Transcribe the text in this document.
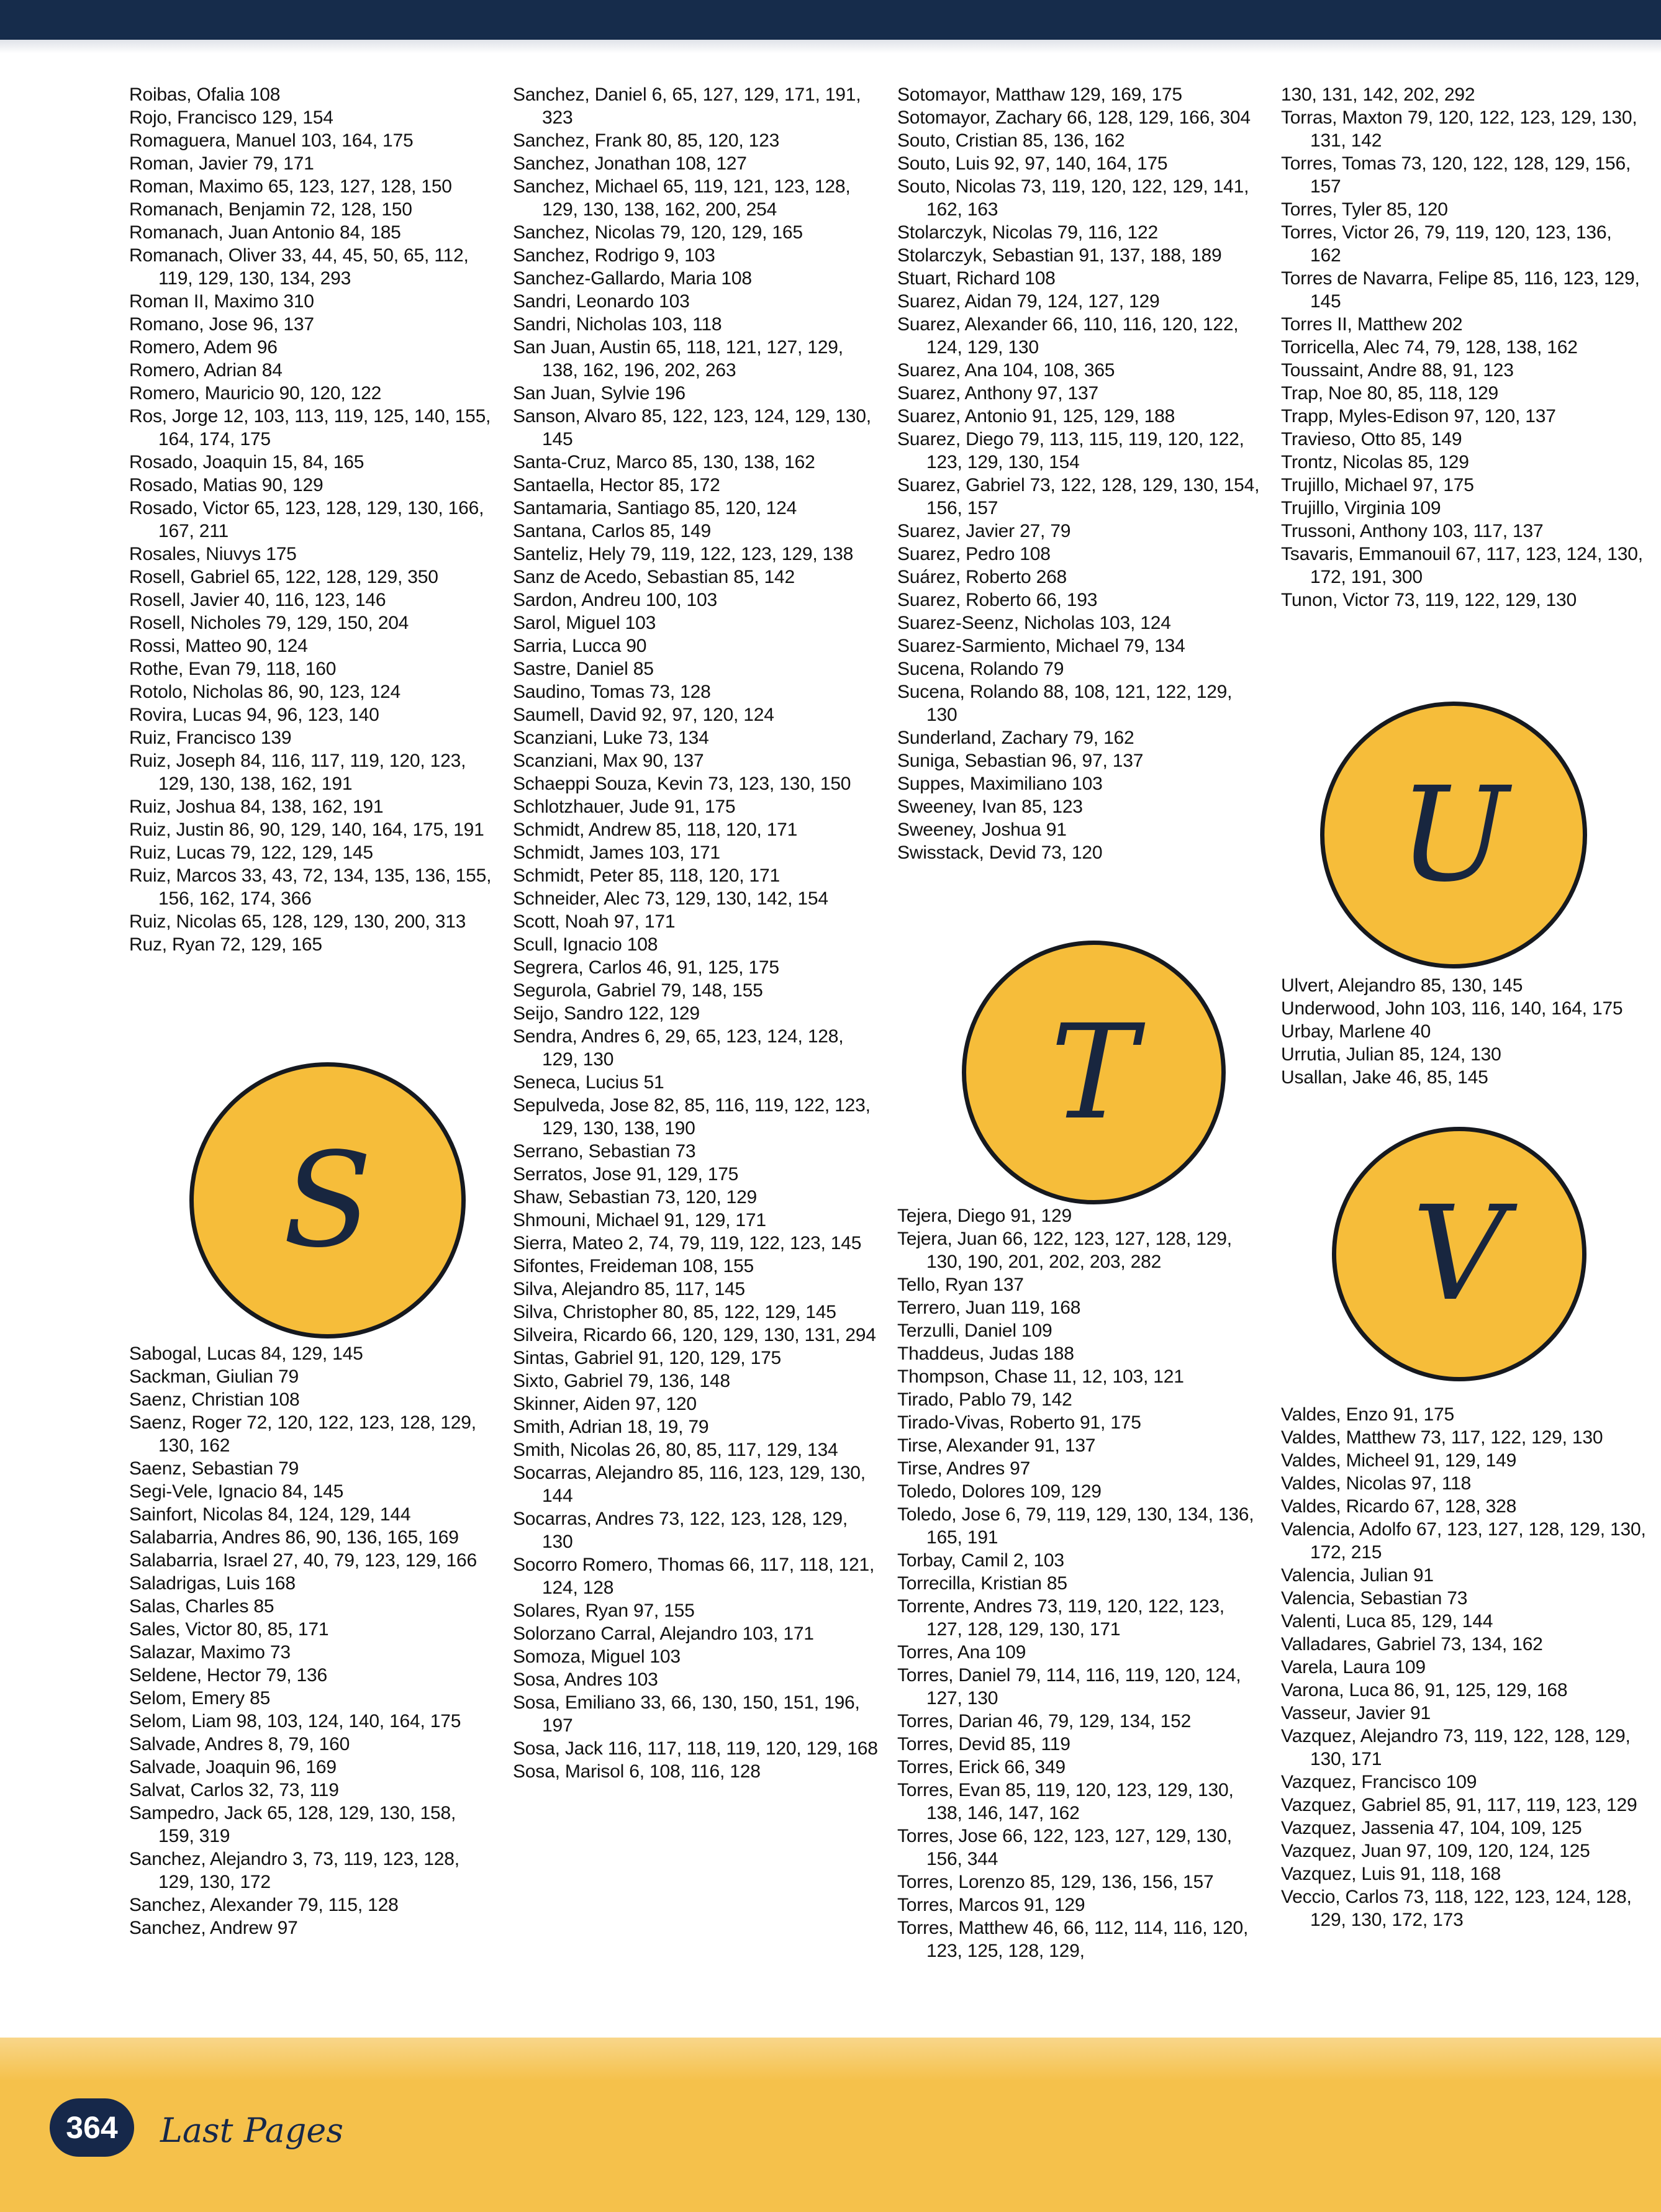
Roibas, Ofalia 108
Rojo, Francisco 129, 154
Romaguera, Manuel 103, 164, 175
Roman, Javier 79, 171
Roman, Maximo 65, 123, 127, 128, 150
Romanach, Benjamin 72, 128, 150
Romanach, Juan Antonio 84, 185
Romanach, Oliver 33, 44, 45, 50, 65, 112, 119, 129, 130, 134, 293
Roman II, Maximo 310
Romano, Jose 96, 137
Romero, Adem 96
Romero, Adrian 84
Romero, Mauricio 90, 120, 122
Ros, Jorge 12, 103, 113, 119, 125, 140, 155, 164, 174, 175
Rosado, Joaquin 15, 84, 165
Rosado, Matias 90, 129
Rosado, Victor 65, 123, 128, 129, 130, 166, 167, 211
Rosales, Niuvys 175
Rosell, Gabriel 65, 122, 128, 129, 350
Rosell, Javier 40, 116, 123, 146
Rosell, Nicholes 79, 129, 150, 204
Rossi, Matteo 90, 124
Rothe, Evan 79, 118, 160
Rotolo, Nicholas 86, 90, 123, 124
Rovira, Lucas 94, 96, 123, 140
Ruiz, Francisco 139
Ruiz, Joseph 84, 116, 117, 119, 120, 123, 129, 130, 138, 162, 191
Ruiz, Joshua 84, 138, 162, 191
Ruiz, Justin 86, 90, 129, 140, 164, 175, 191
Ruiz, Lucas 79, 122, 129, 145
Ruiz, Marcos 33, 43, 72, 134, 135, 136, 155, 156, 162, 174, 366
Ruiz, Nicolas 65, 128, 129, 130, 200, 313
Ruz, Ryan 72, 129, 165
S
Sabogal, Lucas 84, 129, 145
Sackman, Giulian 79
Saenz, Christian 108
Saenz, Roger 72, 120, 122, 123, 128, 129, 130, 162
Saenz, Sebastian 79
Segi-Vele, Ignacio 84, 145
Sainfort, Nicolas 84, 124, 129, 144
Salabarria, Andres 86, 90, 136, 165, 169
Salabarria, Israel 27, 40, 79, 123, 129, 166
Saladrigas, Luis 168
Salas, Charles 85
Sales, Victor 80, 85, 171
Salazar, Maximo 73
Seldene, Hector 79, 136
Selom, Emery 85
Selom, Liam 98, 103, 124, 140, 164, 175
Salvade, Andres 8, 79, 160
Salvade, Joaquin 96, 169
Salvat, Carlos 32, 73, 119
Sampedro, Jack 65, 128, 129, 130, 158, 159, 319
Sanchez, Alejandro 3, 73, 119, 123, 128, 129, 130, 172
Sanchez, Alexander 79, 115, 128
Sanchez, Andrew 97
Sanchez, Daniel 6, 65, 127, 129, 171, 191, 323
Sanchez, Frank 80, 85, 120, 123
Sanchez, Jonathan 108, 127
Sanchez, Michael 65, 119, 121, 123, 128, 129, 130, 138, 162, 200, 254
Sanchez, Nicolas 79, 120, 129, 165
Sanchez, Rodrigo 9, 103
Sanchez-Gallardo, Maria 108
Sandri, Leonardo 103
Sandri, Nicholas 103, 118
San Juan, Austin 65, 118, 121, 127, 129, 138, 162, 196, 202, 263
San Juan, Sylvie 196
Sanson, Alvaro 85, 122, 123, 124, 129, 130, 145
Santa-Cruz, Marco 85, 130, 138, 162
Santaella, Hector 85, 172
Santamaria, Santiago 85, 120, 124
Santana, Carlos 85, 149
Santeliz, Hely 79, 119, 122, 123, 129, 138
Sanz de Acedo, Sebastian 85, 142
Sardon, Andreu 100, 103
Sarol, Miguel 103
Sarria, Lucca 90
Sastre, Daniel 85
Saudino, Tomas 73, 128
Saumell, David 92, 97, 120, 124
Scanziani, Luke 73, 134
Scanziani, Max 90, 137
Schaeppi Souza, Kevin 73, 123, 130, 150
Schlotzhauer, Jude 91, 175
Schmidt, Andrew 85, 118, 120, 171
Schmidt, James 103, 171
Schmidt, Peter 85, 118, 120, 171
Schneider, Alec 73, 129, 130, 142, 154
Scott, Noah 97, 171
Scull, Ignacio 108
Segrera, Carlos 46, 91, 125, 175
Segurola, Gabriel 79, 148, 155
Seijo, Sandro 122, 129
Sendra, Andres 6, 29, 65, 123, 124, 128, 129, 130
Seneca, Lucius 51
Sepulveda, Jose 82, 85, 116, 119, 122, 123, 129, 130, 138, 190
Serrano, Sebastian 73
Serratos, Jose 91, 129, 175
Shaw, Sebastian 73, 120, 129
Shmouni, Michael 91, 129, 171
Sierra, Mateo 2, 74, 79, 119, 122, 123, 145
Sifontes, Freideman 108, 155
Silva, Alejandro 85, 117, 145
Silva, Christopher 80, 85, 122, 129, 145
Silveira, Ricardo 66, 120, 129, 130, 131, 294
Sintas, Gabriel 91, 120, 129, 175
Sixto, Gabriel 79, 136, 148
Skinner, Aiden 97, 120
Smith, Adrian 18, 19, 79
Smith, Nicolas 26, 80, 85, 117, 129, 134
Socarras, Alejandro 85, 116, 123, 129, 130, 144
Socarras, Andres 73, 122, 123, 128, 129, 130
Socorro Romero, Thomas 66, 117, 118, 121, 124, 128
Solares, Ryan 97, 155
Solorzano Carral, Alejandro 103, 171
Somoza, Miguel 103
Sosa, Andres 103
Sosa, Emiliano 33, 66, 130, 150, 151, 196, 197
Sosa, Jack 116, 117, 118, 119, 120, 129, 168
Sosa, Marisol 6, 108, 116, 128
Sotomayor, Matthaw 129, 169, 175
Sotomayor, Zachary 66, 128, 129, 166, 304
Souto, Cristian 85, 136, 162
Souto, Luis 92, 97, 140, 164, 175
Souto, Nicolas 73, 119, 120, 122, 129, 141, 162, 163
Stolarczyk, Nicolas 79, 116, 122
Stolarczyk, Sebastian 91, 137, 188, 189
Stuart, Richard 108
Suarez, Aidan 79, 124, 127, 129
Suarez, Alexander 66, 110, 116, 120, 122, 124, 129, 130
Suarez, Ana 104, 108, 365
Suarez, Anthony 97, 137
Suarez, Antonio 91, 125, 129, 188
Suarez, Diego 79, 113, 115, 119, 120, 122, 123, 129, 130, 154
Suarez, Gabriel 73, 122, 128, 129, 130, 154, 156, 157
Suarez, Javier 27, 79
Suarez, Pedro 108
Suárez, Roberto 268
Suarez, Roberto 66, 193
Suarez-Seenz, Nicholas 103, 124
Suarez-Sarmiento, Michael 79, 134
Sucena, Rolando 79
Sucena, Rolando 88, 108, 121, 122, 129, 130
Sunderland, Zachary 79, 162
Suniga, Sebastian 96, 97, 137
Suppes, Maximiliano 103
Sweeney, Ivan 85, 123
Sweeney, Joshua 91
Swisstack, Devid 73, 120
T
Tejera, Diego 91, 129
Tejera, Juan 66, 122, 123, 127, 128, 129, 130, 190, 201, 202, 203, 282
Tello, Ryan 137
Terrero, Juan 119, 168
Terzulli, Daniel 109
Thaddeus, Judas 188
Thompson, Chase 11, 12, 103, 121
Tirado, Pablo 79, 142
Tirado-Vivas, Roberto 91, 175
Tirse, Alexander 91, 137
Tirse, Andres 97
Toledo, Dolores 109, 129
Toledo, Jose 6, 79, 119, 129, 130, 134, 136, 165, 191
Torbay, Camil 2, 103
Torrecilla, Kristian 85
Torrente, Andres 73, 119, 120, 122, 123, 127, 128, 129, 130, 171
Torres, Ana 109
Torres, Daniel 79, 114, 116, 119, 120, 124, 127, 130
Torres, Darian 46, 79, 129, 134, 152
Torres, Devid 85, 119
Torres, Erick 66, 349
Torres, Evan 85, 119, 120, 123, 129, 130, 138, 146, 147, 162
Torres, Jose 66, 122, 123, 127, 129, 130, 156, 344
Torres, Lorenzo 85, 129, 136, 156, 157
Torres, Marcos 91, 129
Torres, Matthew 46, 66, 112, 114, 116, 120, 123, 125, 128, 129,
130, 131, 142, 202, 292
Torras, Maxton 79, 120, 122, 123, 129, 130, 131, 142
Torres, Tomas 73, 120, 122, 128, 129, 156, 157
Torres, Tyler 85, 120
Torres, Victor 26, 79, 119, 120, 123, 136, 162
Torres de Navarra, Felipe 85, 116, 123, 129, 145
Torres II, Matthew 202
Torricella, Alec 74, 79, 128, 138, 162
Toussaint, Andre 88, 91, 123
Trap, Noe 80, 85, 118, 129
Trapp, Myles-Edison 97, 120, 137
Travieso, Otto 85, 149
Trontz, Nicolas 85, 129
Trujillo, Michael 97, 175
Trujillo, Virginia 109
Trussoni, Anthony 103, 117, 137
Tsavaris, Emmanouil 67, 117, 123, 124, 130, 172, 191, 300
Tunon, Victor 73, 119, 122, 129, 130
U
Ulvert, Alejandro 85, 130, 145
Underwood, John 103, 116, 140, 164, 175
Urbay, Marlene 40
Urrutia, Julian 85, 124, 130
Usallan, Jake 46, 85, 145
V
Valdes, Enzo 91, 175
Valdes, Matthew 73, 117, 122, 129, 130
Valdes, Micheel 91, 129, 149
Valdes, Nicolas 97, 118
Valdes, Ricardo 67, 128, 328
Valencia, Adolfo 67, 123, 127, 128, 129, 130, 172, 215
Valencia, Julian 91
Valencia, Sebastian 73
Valenti, Luca 85, 129, 144
Valladares, Gabriel 73, 134, 162
Varela, Laura 109
Varona, Luca 86, 91, 125, 129, 168
Vasseur, Javier 91
Vazquez, Alejandro 73, 119, 122, 128, 129, 130, 171
Vazquez, Francisco 109
Vazquez, Gabriel 85, 91, 117, 119, 123, 129
Vazquez, Jassenia 47, 104, 109, 125
Vazquez, Juan 97, 109, 120, 124, 125
Vazquez, Luis 91, 118, 168
Veccio, Carlos 73, 118, 122, 123, 124, 128, 129, 130, 172, 173
364	Last Pages
